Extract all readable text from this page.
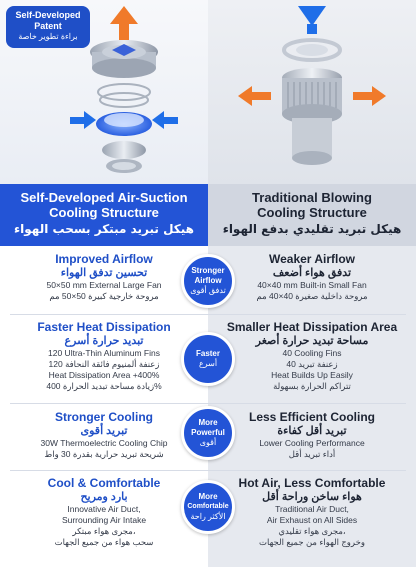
Self-Developed
Patent
براءة تطوير خاصة
Self-Developed Air-Suction
Cooling Structure
هيكل تبريد مبتكر بسحب الهواء
Traditional Blowing
Cooling Structure
هيكل تبريد تقليدي بدفع الهواء
Improved Airflow
تحسين تدفق الهواء
50×50 mm External Large Fan
مروحة خارجية كبيرة 50×50 مم
Weaker Airflow
تدفق هواء أضعف
40×40 mm Built-in Small Fan
مروحة داخلية صغيرة 40×40 مم
Stronger
Airflow
تدفق أقوى
Faster Heat Dissipation
تبديد حرارة أسرع
120 Ultra-Thin Aluminum Fins
120 زعنفة ألمنيوم فائقة النحافة
Heat Dissipation Area +400%
زيادة مساحة تبديد الحرارة 400%
Smaller Heat Dissipation Area
مساحة تبديد حرارة أصغر
40 Cooling Fins
40 زعنفة تبريد
Heat Builds Up Easily
تتراكم الحرارة بسهولة
Faster
أسرع
Stronger Cooling
تبريد أقوى
30W Thermoelectric Cooling Chip
شريحة تبريد حرارية بقدرة 30 واط
Less Efficient Cooling
تبريد أقل كفاءة
Lower Cooling Performance
أداء تبريد أقل
More
Powerful
أقوى
Cool & Comfortable
بارد ومريح
Innovative Air Duct,
Surrounding Air Intake
مجرى هواء مبتكر،
سحب هواء من جميع الجهات
Hot Air, Less Comfortable
هواء ساخن وراحة أقل
Traditional Air Duct,
Air Exhaust on All Sides
مجرى هواء تقليدي،
وخروج الهواء من جميع الجهات
More
Comfortable
الأكثر راحة
